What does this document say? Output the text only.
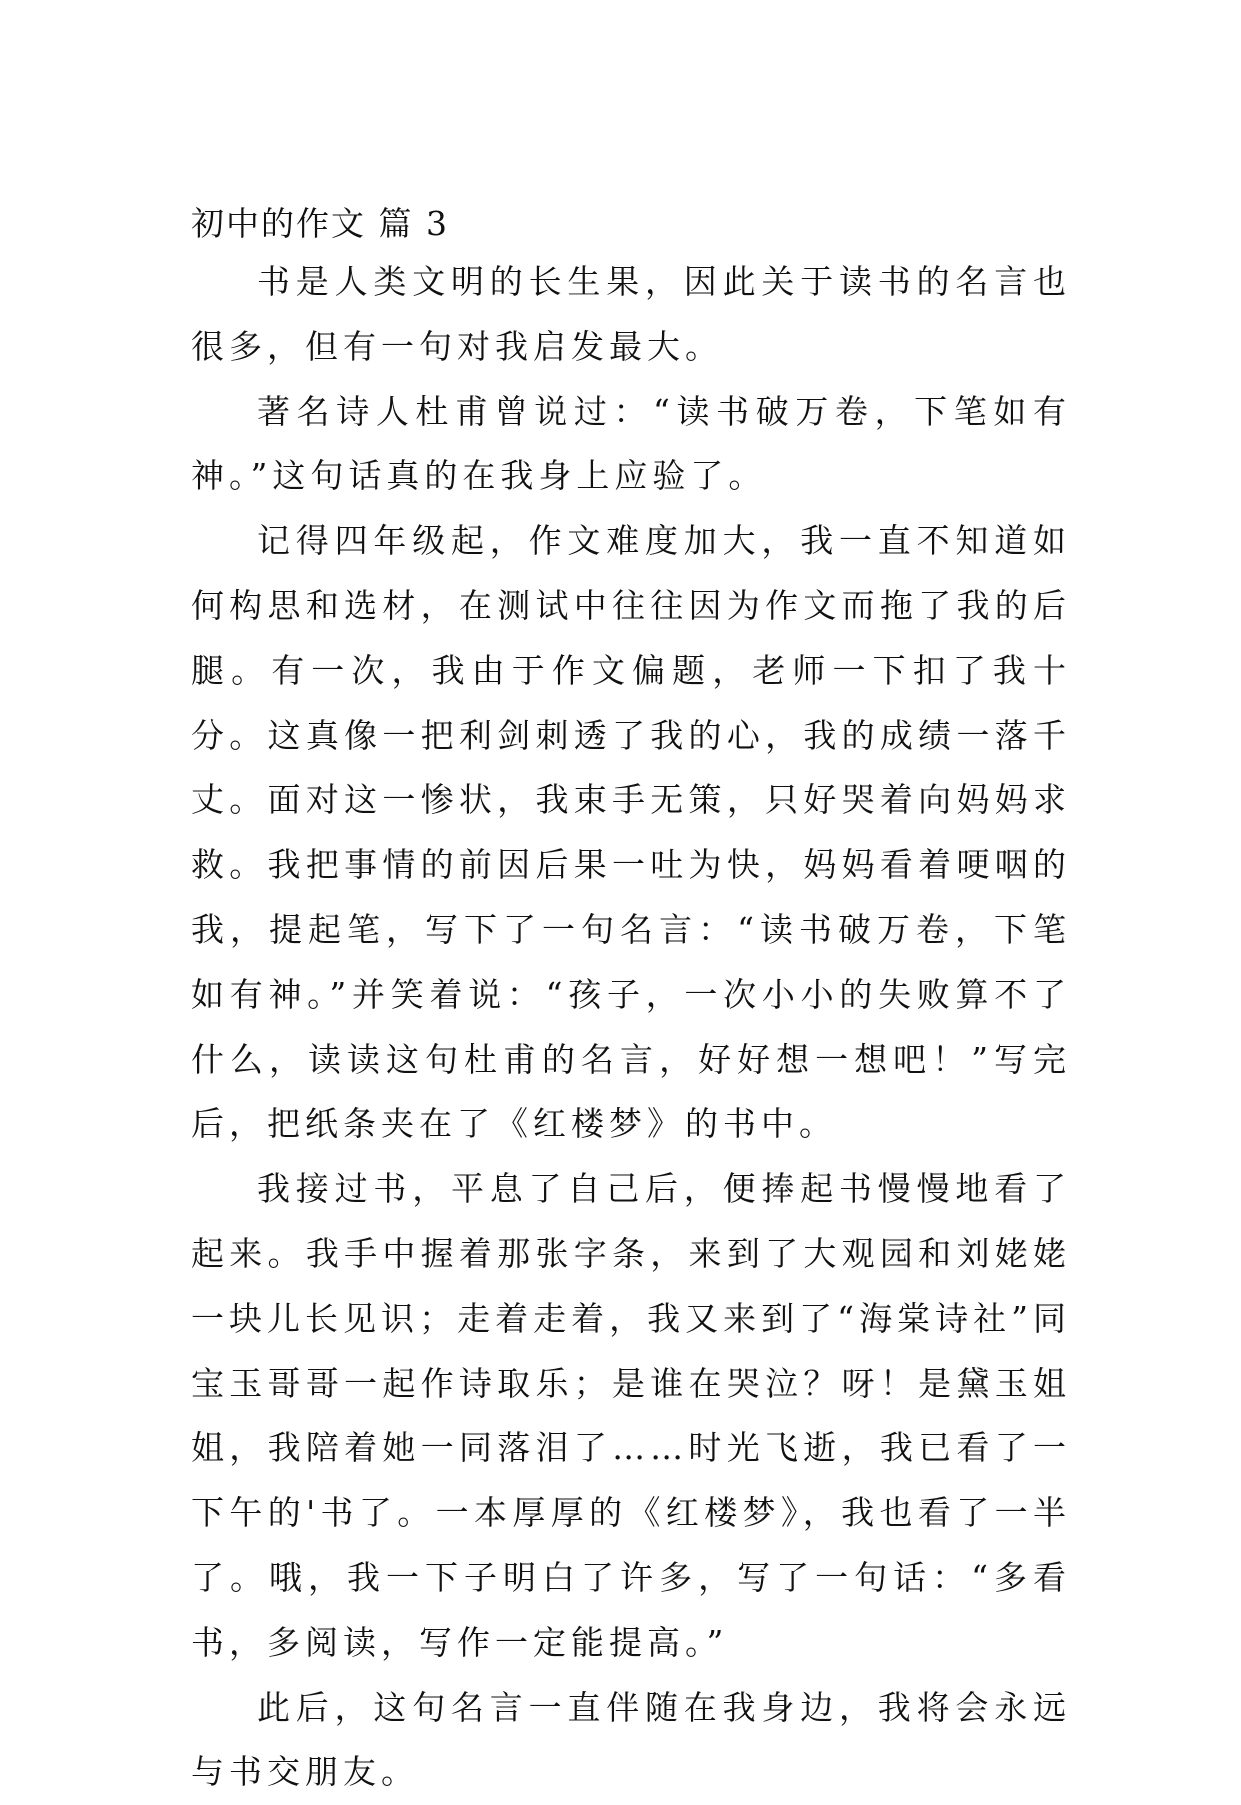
初中的作文 篇 3

书是人类文明的长生果，因此关于读书的名言也很多，但有一句对我启发最大。

著名诗人杜甫曾说过：“读书破万卷，下笔如有神。”这句话真的在我身上应验了。

记得四年级起，作文难度加大，我一直不知道如何构思和选材，在测试中往往因为作文而拖了我的后腿。有一次，我由于作文偏题，老师一下扣了我十分。这真像一把利剑刺透了我的心，我的成绩一落千丈。面对这一惨状，我束手无策，只好哭着向妈妈求救。我把事情的前因后果一吐为快，妈妈看着哽咽的我，提起笔，写下了一句名言：“读书破万卷，下笔如有神。”并笑着说：“孩子，一次小小的失败算不了什么，读读这句杜甫的名言，好好想一想吧！”写完后，把纸条夹在了《红楼梦》的书中。

我接过书，平息了自己后，便捧起书慢慢地看了起来。我手中握着那张字条，来到了大观园和刘姥姥一块儿长见识；走着走着，我又来到了“海棠诗社”同宝玉哥哥一起作诗取乐；是谁在哭泣？呀！是黛玉姐姐，我陪着她一同落泪了……时光飞逝，我已看了一下午的'书了。一本厚厚的《红楼梦》，我也看了一半了。哦，我一下子明白了许多，写了一句话：“多看书，多阅读，写作一定能提高。”

此后，这句名言一直伴随在我身边，我将会永远与书交朋友。
